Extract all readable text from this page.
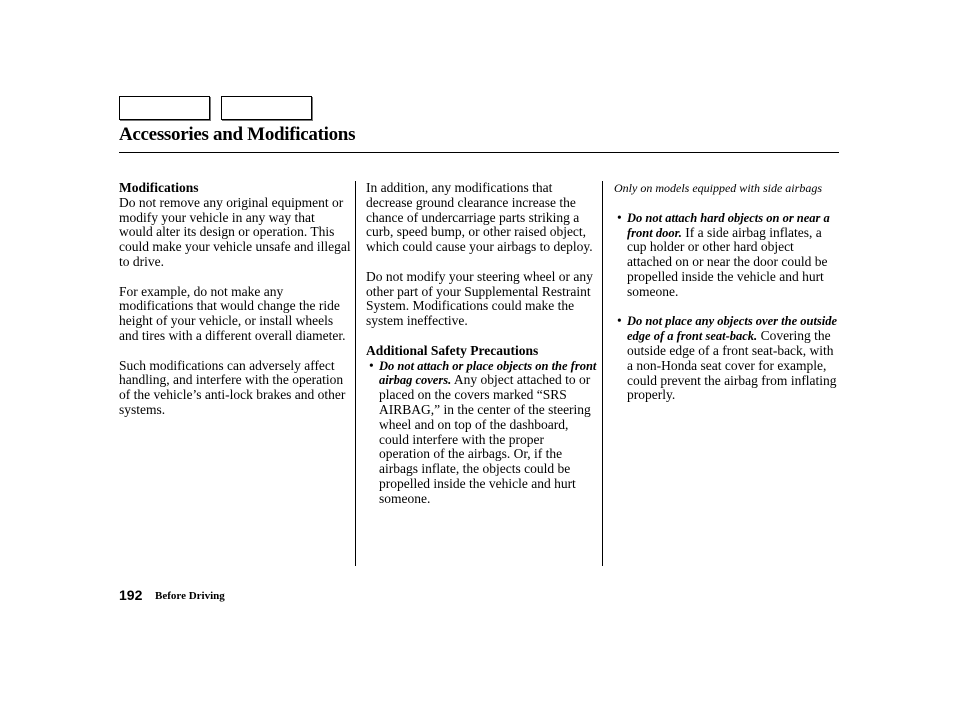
Accessories and Modifications

Modifications
Do not remove any original equipment or modify your vehicle in any way that would alter its design or operation. This could make your vehicle unsafe and illegal to drive.

For example, do not make any modifications that would change the ride height of your vehicle, or install wheels and tires with a different overall diameter.

Such modifications can adversely affect handling, and interfere with the operation of the vehicle’s anti-lock brakes and other systems.

In addition, any modifications that decrease ground clearance increase the chance of undercarriage parts striking a curb, speed bump, or other raised object, which could cause your airbags to deploy.

Do not modify your steering wheel or any other part of your Supplemental Restraint System. Modifications could make the system ineffective.

Additional Safety Precautions
• Do not attach or place objects on the front airbag covers. Any object attached to or placed on the covers marked “SRS AIRBAG,” in the center of the steering wheel and on top of the dashboard, could interfere with the proper operation of the airbags. Or, if the airbags inflate, the objects could be propelled inside the vehicle and hurt someone.

Only on models equipped with side airbags

• Do not attach hard objects on or near a front door. If a side airbag inflates, a cup holder or other hard object attached on or near the door could be propelled inside the vehicle and hurt someone.
• Do not place any objects over the outside edge of a front seat-back. Covering the outside edge of a front seat-back, with a non-Honda seat cover for example, could prevent the airbag from inflating properly.
192 Before Driving
